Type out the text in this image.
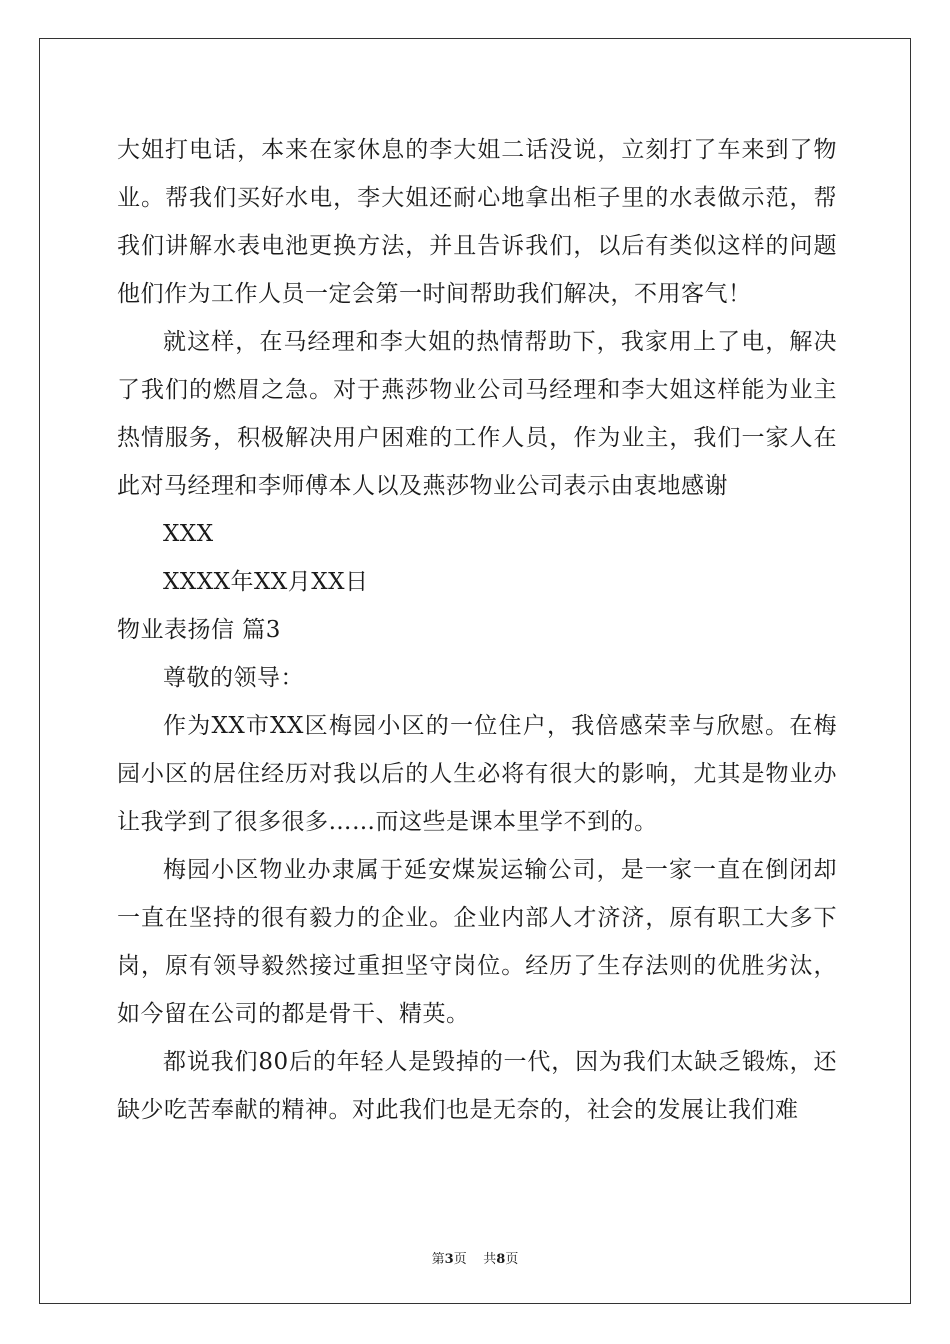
大姐打电话，本来在家休息的李大姐二话没说，立刻打了车来到了物业。帮我们买好水电，李大姐还耐心地拿出柜子里的水表做示范，帮我们讲解水表电池更换方法，并且告诉我们，以后有类似这样的问题他们作为工作人员一定会第一时间帮助我们解决，不用客气！

就这样，在马经理和李大姐的热情帮助下，我家用上了电，解决了我们的燃眉之急。对于燕莎物业公司马经理和李大姐这样能为业主热情服务，积极解决用户困难的工作人员，作为业主，我们一家人在此对马经理和李师傅本人以及燕莎物业公司表示由衷地感谢

XXX

XXXX年XX月XX日

物业表扬信 篇3

尊敬的领导：

作为XX市XX区梅园小区的一位住户，我倍感荣幸与欣慰。在梅园小区的居住经历对我以后的人生必将有很大的影响，尤其是物业办让我学到了很多很多……而这些是课本里学不到的。

梅园小区物业办隶属于延安煤炭运输公司，是一家一直在倒闭却一直在坚持的很有毅力的企业。企业内部人才济济，原有职工大多下岗，原有领导毅然接过重担坚守岗位。经历了生存法则的优胜劣汰，如今留在公司的都是骨干、精英。

都说我们80后的年轻人是毁掉的一代，因为我们太缺乏锻炼，还缺少吃苦奉献的精神。对此我们也是无奈的，社会的发展让我们难

第3页 共8页
